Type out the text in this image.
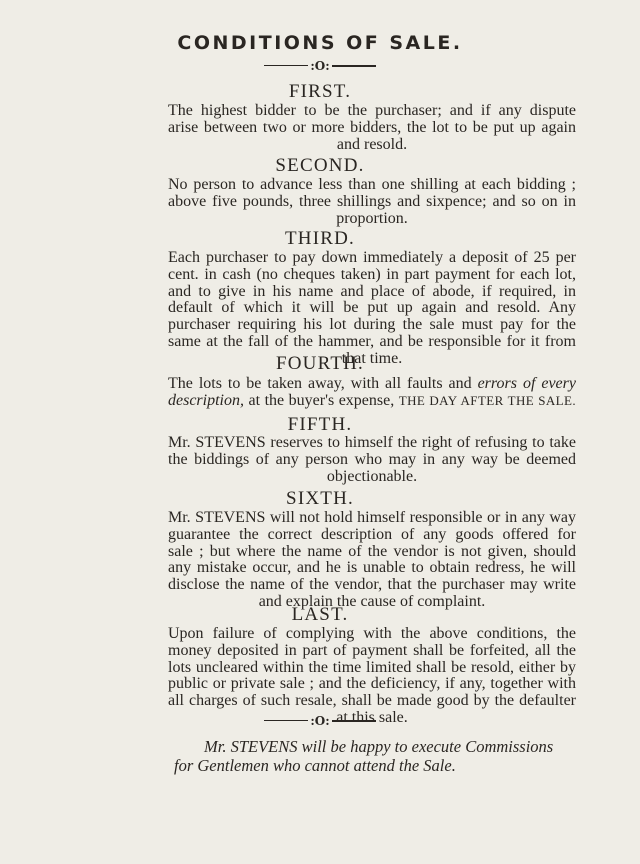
CONDITIONS OF SALE.
:O:
FIRST.
The highest bidder to be the purchaser; and if any dispute
arise between two or more bidders, the lot to be put up again
and resold.
SECOND.
No person to advance less than one shilling at each bidding ;
above five pounds, three shillings and sixpence; and so on in
proportion.
THIRD.
Each purchaser to pay down immediately a deposit of 25 per
cent. in cash (no cheques taken) in part payment for each lot,
and to give in his name and place of abode, if required, in
default of which it will be put up again and resold. Any
purchaser requiring his lot during the sale must pay for the
same at the fall of the hammer, and be responsible for it from
that time.
FOURTH.
The lots to be taken away, with all faults and errors of every
description, at the buyer's expense, THE DAY AFTER THE SALE.
FIFTH.
Mr. STEVENS reserves to himself the right of refusing to take
the biddings of any person who may in any way be deemed
objectionable.
SIXTH.
Mr. STEVENS will not hold himself responsible or in any way
guarantee the correct description of any goods offered for
sale ; but where the name of the vendor is not given, should
any mistake occur, and he is unable to obtain redress, he will
disclose the name of the vendor, that the purchaser may write
and explain the cause of complaint.
LAST.
Upon failure of complying with the above conditions, the
money deposited in part of payment shall be forfeited, all the
lots uncleared within the time limited shall be resold, either by
public or private sale ; and the deficiency, if any, together with
all charges of such resale, shall be made good by the defaulter
at this sale.
:O:
Mr. STEVENS will be happy to execute Commissions
for Gentlemen who cannot attend the Sale.
